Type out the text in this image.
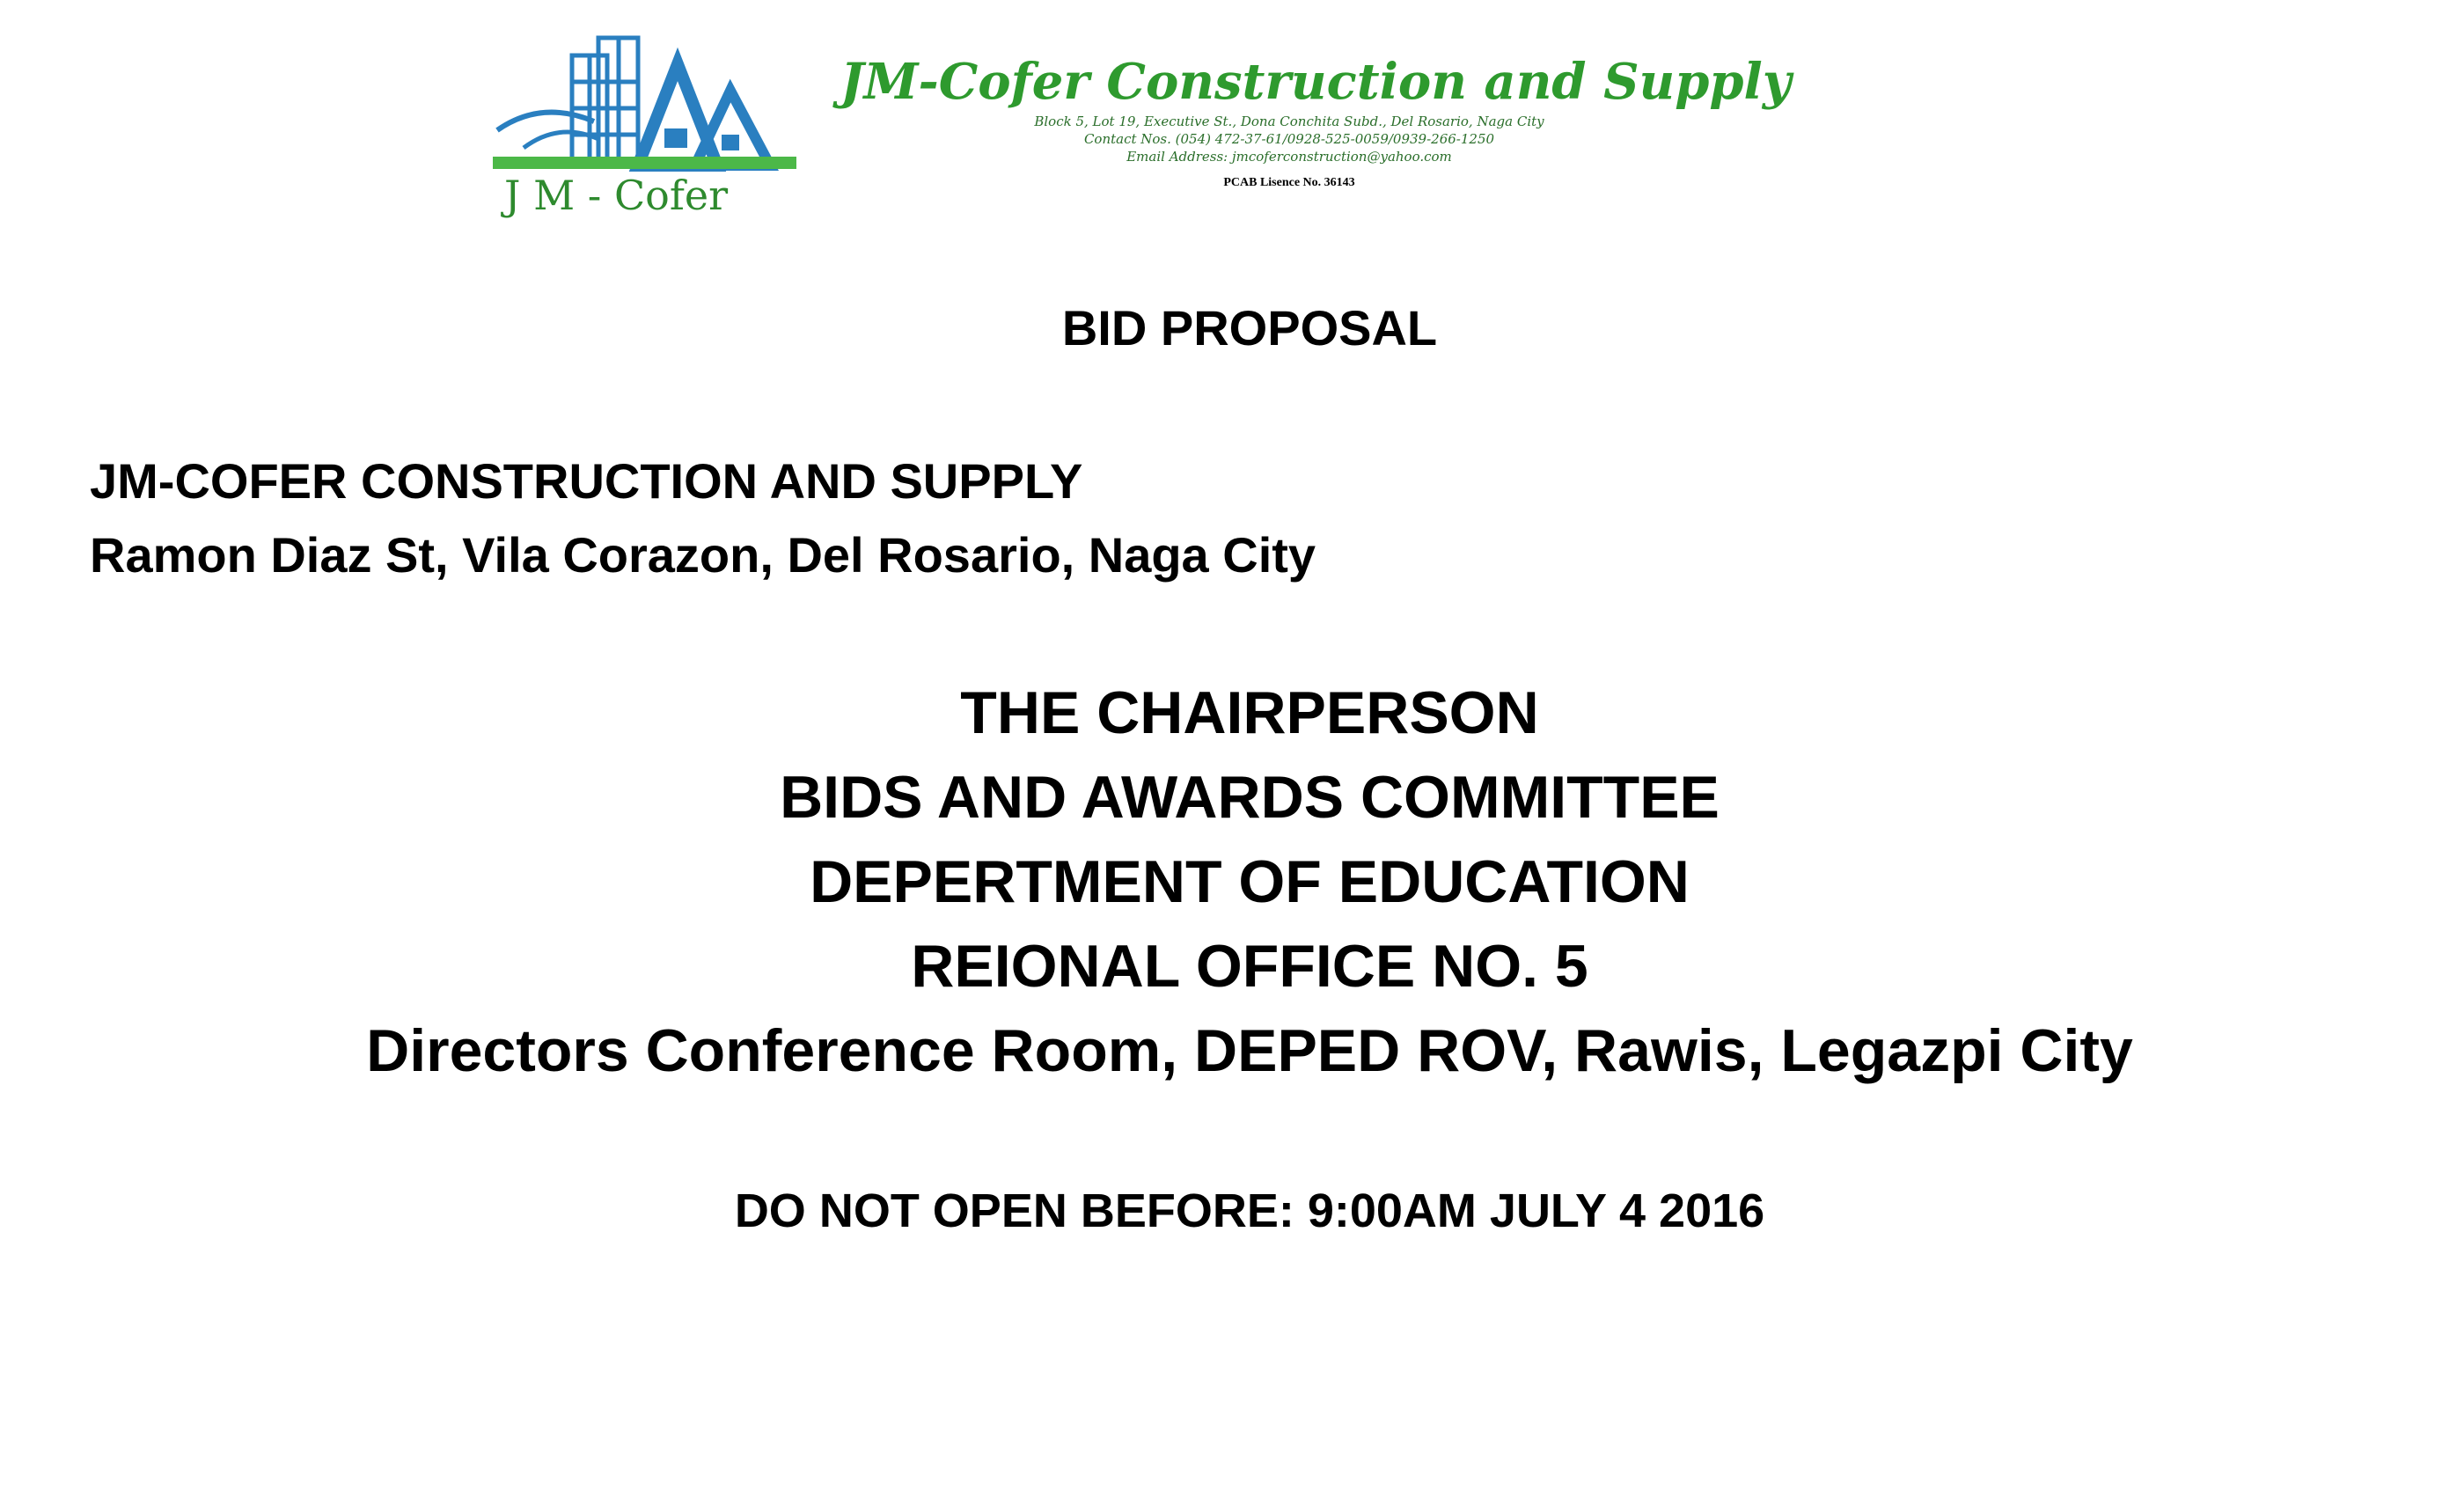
J M - Cofer
JM-Cofer Construction and Supply
Block 5, Lot 19, Executive St., Dona Conchita Subd., Del Rosario, Naga City
Contact Nos. (054) 472-37-61/0928-525-0059/0939-266-1250
Email Address: jmcoferconstruction@yahoo.com
PCAB Lisence No. 36143
BID PROPOSAL
JM-COFER CONSTRUCTION AND SUPPLY
Ramon Diaz St, Vila Corazon, Del Rosario, Naga City
THE CHAIRPERSON
BIDS AND AWARDS COMMITTEE
DEPERTMENT OF EDUCATION
REIONAL OFFICE NO. 5
Directors Conference Room, DEPED ROV, Rawis, Legazpi City
DO NOT OPEN BEFORE: 9:00AM JULY 4 2016
